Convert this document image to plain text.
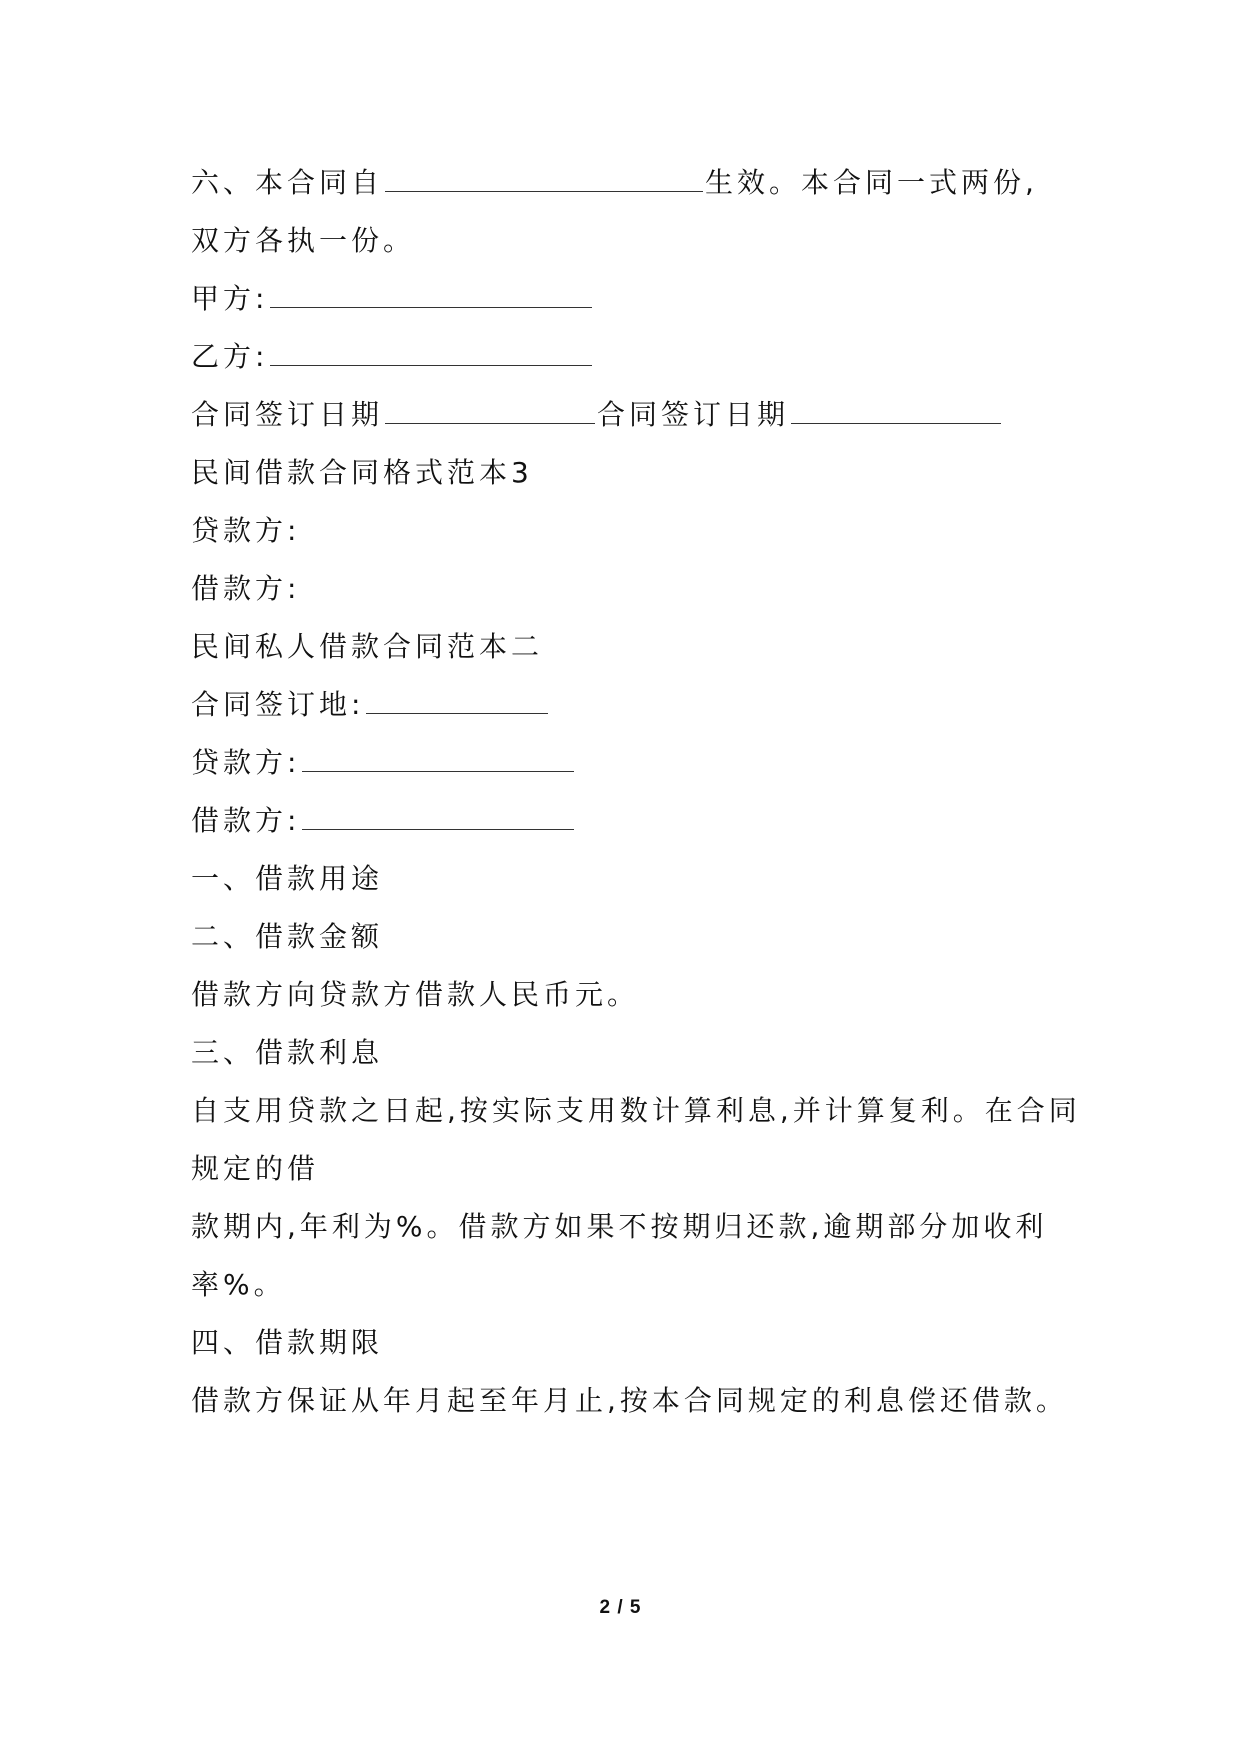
六、本合同自	生效。本合同一式两份,
双方各执一份。
甲方:
乙方:
合同签订日期	合同签订日期
民间借款合同格式范本3
贷款方:
借款方:
民间私人借款合同范本二
合同签订地:
贷款方:
借款方:
一、借款用途
二、借款金额
借款方向贷款方借款人民币元。
三、借款利息
自支用贷款之日起,按实际支用数计算利息,并计算复利。在合同
规定的借
款期内,年利为%。借款方如果不按期归还款,逾期部分加收利
率%。
四、借款期限
借款方保证从年月起至年月止,按本合同规定的利息偿还借款。
2 / 5
